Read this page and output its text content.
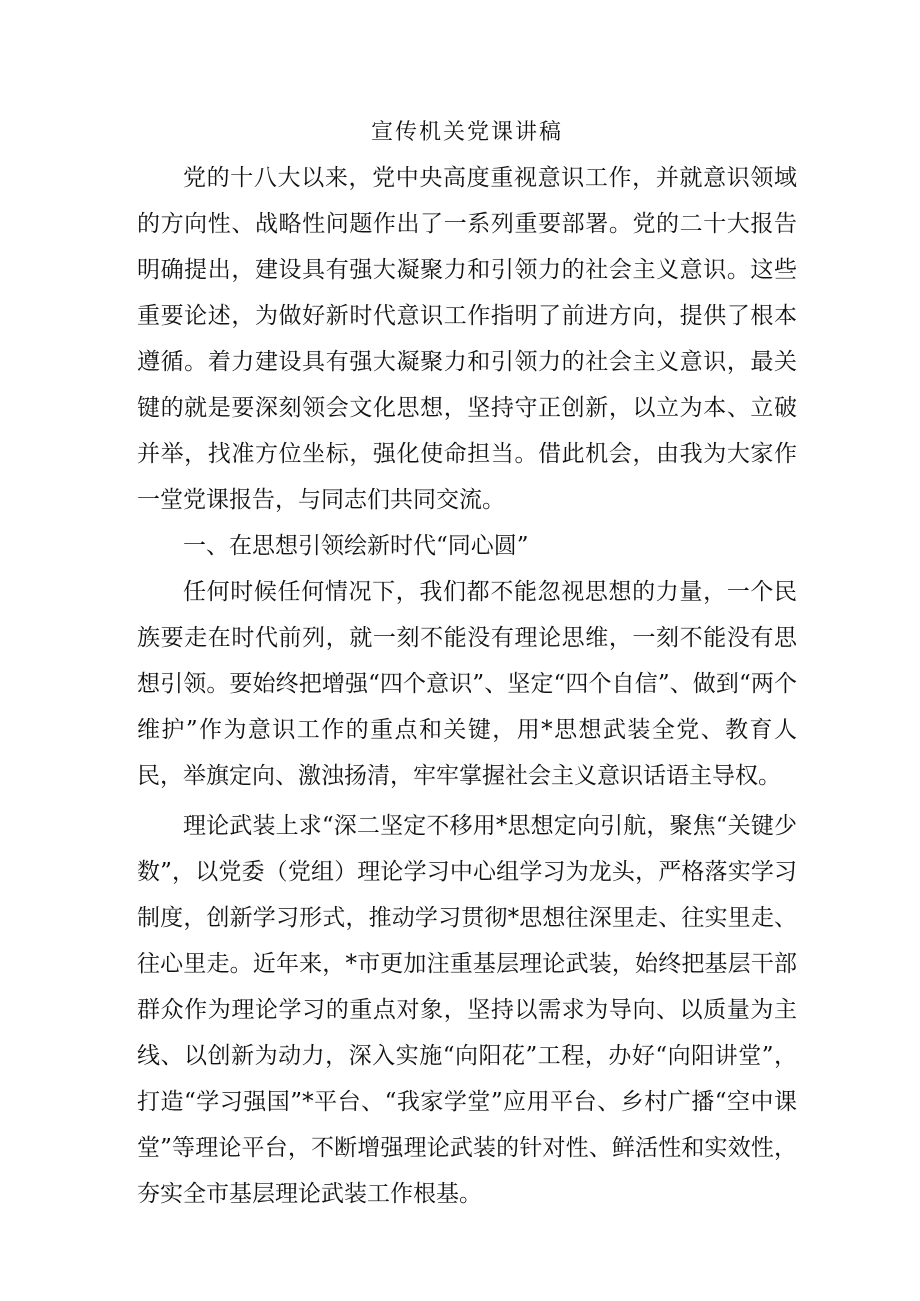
宣传机关党课讲稿

党的十八大以来，党中央高度重视意识工作，并就意识领域的方向性、战略性问题作出了一系列重要部署。党的二十大报告明确提出，建设具有强大凝聚力和引领力的社会主义意识。这些重要论述，为做好新时代意识工作指明了前进方向，提供了根本遵循。着力建设具有强大凝聚力和引领力的社会主义意识，最关键的就是要深刻领会文化思想，坚持守正创新，以立为本、立破并举，找准方位坐标，强化使命担当。借此机会，由我为大家作一堂党课报告，与同志们共同交流。

一、在思想引领绘新时代“同心圆”

任何时候任何情况下，我们都不能忽视思想的力量，一个民族要走在时代前列，就一刻不能没有理论思维，一刻不能没有思想引领。要始终把增强“四个意识”、坚定“四个自信”、做到“两个维护”作为意识工作的重点和关键，用*思想武装全党、教育人民，举旗定向、激浊扬清，牢牢掌握社会主义意识话语主导权。

理论武装上求“深二坚定不移用*思想定向引航，聚焦“关键少数”，以党委（党组）理论学习中心组学习为龙头，严格落实学习制度，创新学习形式，推动学习贯彻*思想往深里走、往实里走、往心里走。近年来，*市更加注重基层理论武装，始终把基层干部群众作为理论学习的重点对象，坚持以需求为导向、以质量为主线、以创新为动力，深入实施“向阳花”工程，办好“向阳讲堂”，打造“学习强国”*平台、“我家学堂”应用平台、乡村广播“空中课堂”等理论平台，不断增强理论武装的针对性、鲜活性和实效性，夯实全市基层理论武装工作根基。
